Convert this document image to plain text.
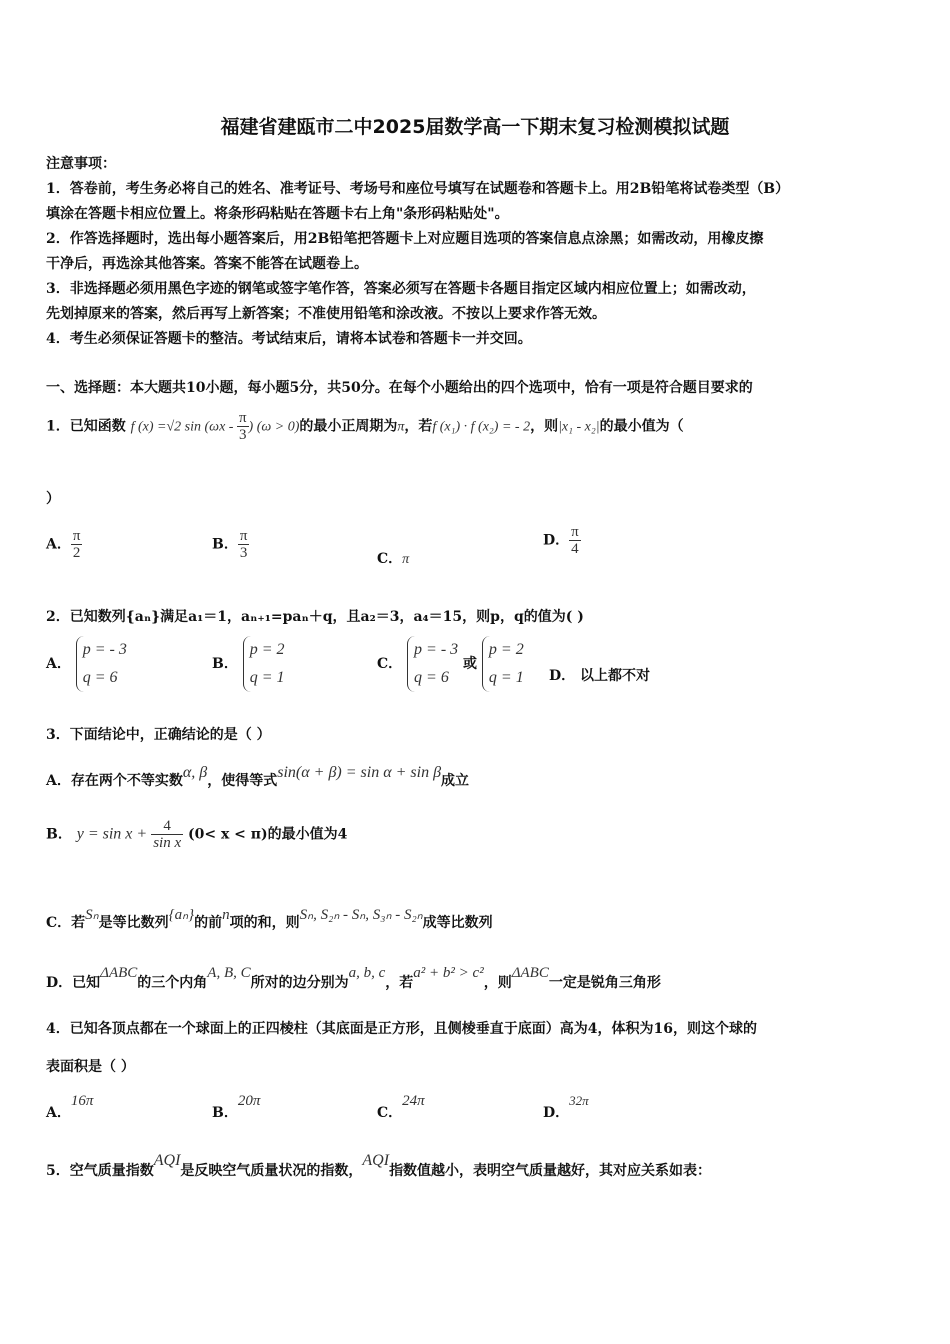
福建省建瓯市二中2025届数学高一下期末复习检测模拟试题
注意事项：
1．答卷前，考生务必将自己的姓名、准考证号、考场号和座位号填写在试题卷和答题卡上。用2B铅笔将试卷类型（B）
填涂在答题卡相应位置上。将条形码粘贴在答题卡右上角"条形码粘贴处"。
2．作答选择题时，选出每小题答案后，用2B铅笔把答题卡上对应题目选项的答案信息点涂黑；如需改动，用橡皮擦
干净后，再选涂其他答案。答案不能答在试题卷上。
3．非选择题必须用黑色字迹的钢笔或签字笔作答，答案必须写在答题卡各题目指定区域内相应位置上；如需改动，
先划掉原来的答案，然后再写上新答案；不准使用铅笔和涂改液。不按以上要求作答无效。
4．考生必须保证答题卡的整洁。考试结束后，请将本试卷和答题卡一并交回。
一、选择题：本大题共10小题，每小题5分，共50分。在每个小题给出的四个选项中，恰有一项是符合题目要求的
1．已知函数 f (x) =√2 $\sin (\omega x - \frac{\pi}{3}$ ) (ω > 0)的最小正周期为π，若f (x₁) · f (x₂) = - 2，则|x₁ - x₂|的最小值为（
）
A． $\frac{\pi}{2}$	B． $\frac{\pi}{3}$	C．π
D． $\frac{\pi}{4}$
2．已知数列{aₙ}满足a₁＝1，aₙ₊₁=paₙ＋q，且a₂＝3，a₄＝15，则p，q的值为( )
A．
p = - 3
q = 6
B．
p = 2
q = 1
C．
p = - 3
q = 6
或
p = 2
q = 1 D． 以上都不对
3．下面结论中，正确结论的是（ ）
A．存在两个不等实数α, β，使得等式sin(α + β) = sin α + sin β成立
B． $y = \sin x + \frac{4}{\text{sin x}} (0< x < \pi)$的最小值为4
C．若Sₙ是等比数列{aₙ}的前n项的和，则Sₙ, S₂ₙ - Sₙ, S₃ₙ - S₂ₙ成等比数列
D．已知ΔABC的三个内角A, B, C所对的边分别为a, b, c，若a² + b² > c²，则ΔABC一定是锐角三角形
4．已知各顶点都在一个球面上的正四棱柱（其底面是正方形，且侧棱垂直于底面）高为4，体积为16，则这个球的
表面积是（ ）
A．16π
B．20π
C．24π
D．32π
5．空气质量指数AQI是反映空气质量状况的指数，AQI指数值越小，表明空气质量越好，其对应关系如表：
